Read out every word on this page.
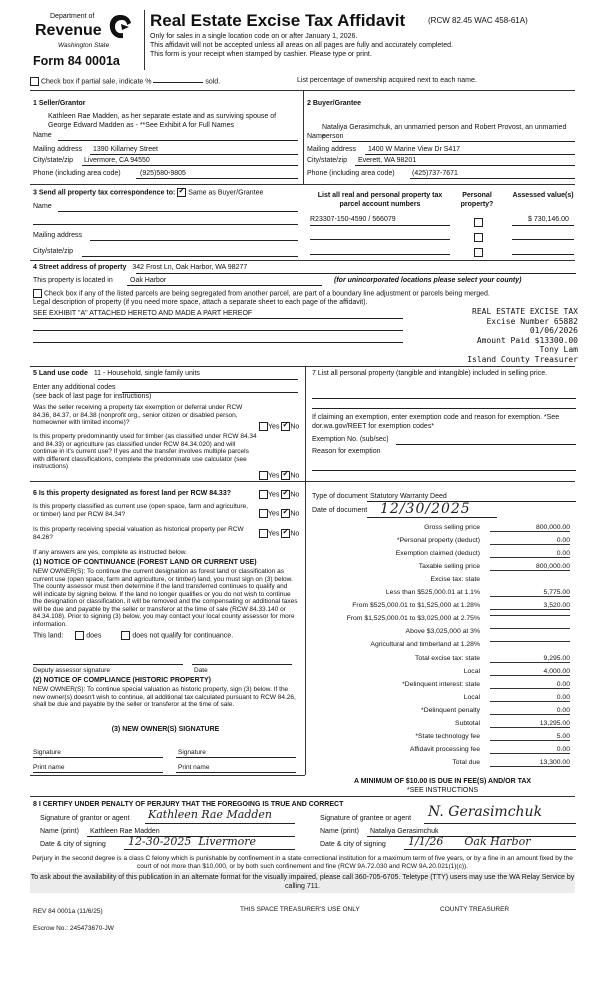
Department of
Revenue
Washington State
Form 84 0001a
Real Estate Excise Tax Affidavit	(RCW 82.45 WAC 458-61A)
Only for sales in a single location code on or after January 1, 2026.
This affidavit will not be accepted unless all areas on all pages are fully and accurately completed.
This form is your receipt when stamped by cashier. Please type or print.
Check box if partial sale, indicate %	sold.	List percentage of ownership acquired next to each name.
1 Seller/Grantor
Kathleen Rae Madden, as her separate estate and as surviving spouse of George Edward Madden as - **See Exhibit A for Full Names
Name
Mailing address 1390 Killarney Street
City/state/zip Livermore, CA 94550
Phone (including area code)	(925)580-9805
2 Buyer/Grantee
Nataliya Gerasimchuk, an unmarried person and Robert Provost, an unmarried person
Name
Mailing address 1400 W Marine View Dr S417
City/state/zip Everett, WA 98201
Phone (including area code) (425)737-7671
3 Send all property tax correspondence to: ✓ Same as Buyer/Grantee
Name
Mailing address
City/state/zip
List all real and personal property tax parcel account numbers
Personal property?
Assessed value(s)
R23307-150-4590 / 566079	$ 730,146.00
4 Street address of property 342 Frost Ln, Oak Harbor, WA 98277
This property is located in Oak Harbor	(for unincorporated locations please select your county)
Check box if any of the listed parcels are being segregated from another parcel, are part of a boundary line adjustment or parcels being merged.
Legal description of property (if you need more space, attach a separate sheet to each page of the affidavit).
SEE EXHIBIT "A" ATTACHED HERETO AND MADE A PART HEREOF	REAL ESTATE EXCISE TAX
Excise Number 65882
01/06/2026
Amount Paid $13300.00
Tony Lam
Island County Treasurer
5 Land use code 11 - Household, single family units
Enter any additional codes
(see back of last page for instructions)
Was the seller receiving a property tax exemption or deferral under RCW 84.36, 84.37, or 84.38 (nonprofit org., senior citizen or disabled person, homeowner with limited income)?
Yes ✓ No
Is this property predominantly used for timber (as classified under RCW 84.34 and 84.33) or agriculture (as classified under RCW 84.34.020) and will continue in it's current use? If yes and the transfer involves multiple parcels with different classifications, complete the predominate use calculator (see instructions)
Yes ✓ No
7 List all personal property (tangible and intangible) included in selling price.
If claiming an exemption, enter exemption code and reason for exemption. *See dor.wa.gov/REET for exemption codes*
Exemption No. (sub/sec)
Reason for exemption
6 Is this property designated as forest land per RCW 84.33?	Yes ✓ No
Is this property classified as current use (open space, farm and agriculture, or timber) land per RCW 84.34?	Yes ✓ No
Is this property receiving special valuation as historical property per RCW 84.26?	Yes ✓ No
If any answers are yes, complete as instructed below.
(1) NOTICE OF CONTINUANCE (FOREST LAND OR CURRENT USE)
NEW OWNER(S): To continue the current designation as forest land or classification as current use (open space, farm and agriculture, or timber) land, you must sign on (3) below. The county assessor must then determine if the land transferred continues to qualify and will indicate by signing below. If the land no longer qualifies or you do not wish to continue the designation or classification, it will be removed and the compensating or additional taxes will be due and payable by the seller or transferor at the time of sale (RCW 84.33.140 or 84.34.108). Prior to signing (3) below, you may contact your local county assessor for more information.
This land:	does	does not qualify for continuance.
Deputy assessor signature	Date
(2) NOTICE OF COMPLIANCE (HISTORIC PROPERTY)
NEW OWNER(S): To continue special valuation as historic property, sign (3) below. If the new owner(s) doesn't wish to continue, all additional tax calculated pursuant to RCW 84.26, shall be due and payable by the seller or transferor at the time of sale.
(3) NEW OWNER(S) SIGNATURE
Signature	Signature
Print name	Print name
Type of document Statutory Warranty Deed
Date of document 12/30/2025
Gross selling price	800,000.00
*Personal property (deduct)	0.00
Exemption claimed (deduct)	0.00
Taxable selling price	800,000.00
Excise tax: state
Less than $525,000.01 at 1.1%	5,775.00
From $525,000.01 to $1,525,000 at 1.28%	3,520.00
From $1,525,000.01 to $3,025,000 at 2.75%
Above $3,025,000 at 3%
Agricultural and timberland at 1.28%
Total excise tax: state	9,295.00
Local	4,000.00
*Delinquent interest: state	0.00
Local	0.00
*Delinquent penalty	0.00
Subtotal	13,295.00
*State technology fee	5.00
Affidavit processing fee	0.00
Total due	13,300.00
A MINIMUM OF $10.00 IS DUE IN FEE(S) AND/OR TAX
*SEE INSTRUCTIONS
8 I CERTIFY UNDER PENALTY OF PERJURY THAT THE FOREGOING IS TRUE AND CORRECT
Signature of grantor or agent Kathleen Rae Madden
Name (print) Kathleen Rae Madden
Date & city of signing 12-30-2025  Livermore
Signature of grantee or agent N. Gerasimchuk
Name (print) Nataliya Gerasimchuk
Date & city of signing 1/1/26      Oak Harbor
Perjury in the second degree is a class C felony which is punishable by confinement in a state correctional institution for a maximum term of five years, or by a fine in an amount fixed by the court of not more than $10,000, or by both such confinement and fine (RCW 9A.72.030 and RCW 9A.20.021(1)(c)).
To ask about the availability of this publication in an alternate format for the visually impaired, please call 360-705-6705. Teletype (TTY) users may use the WA Relay Service by calling 711.
REV 84 0001a (11/6/25)	THIS SPACE TREASURER'S USE ONLY	COUNTY TREASURER
Escrow No.: 245473670-JW
